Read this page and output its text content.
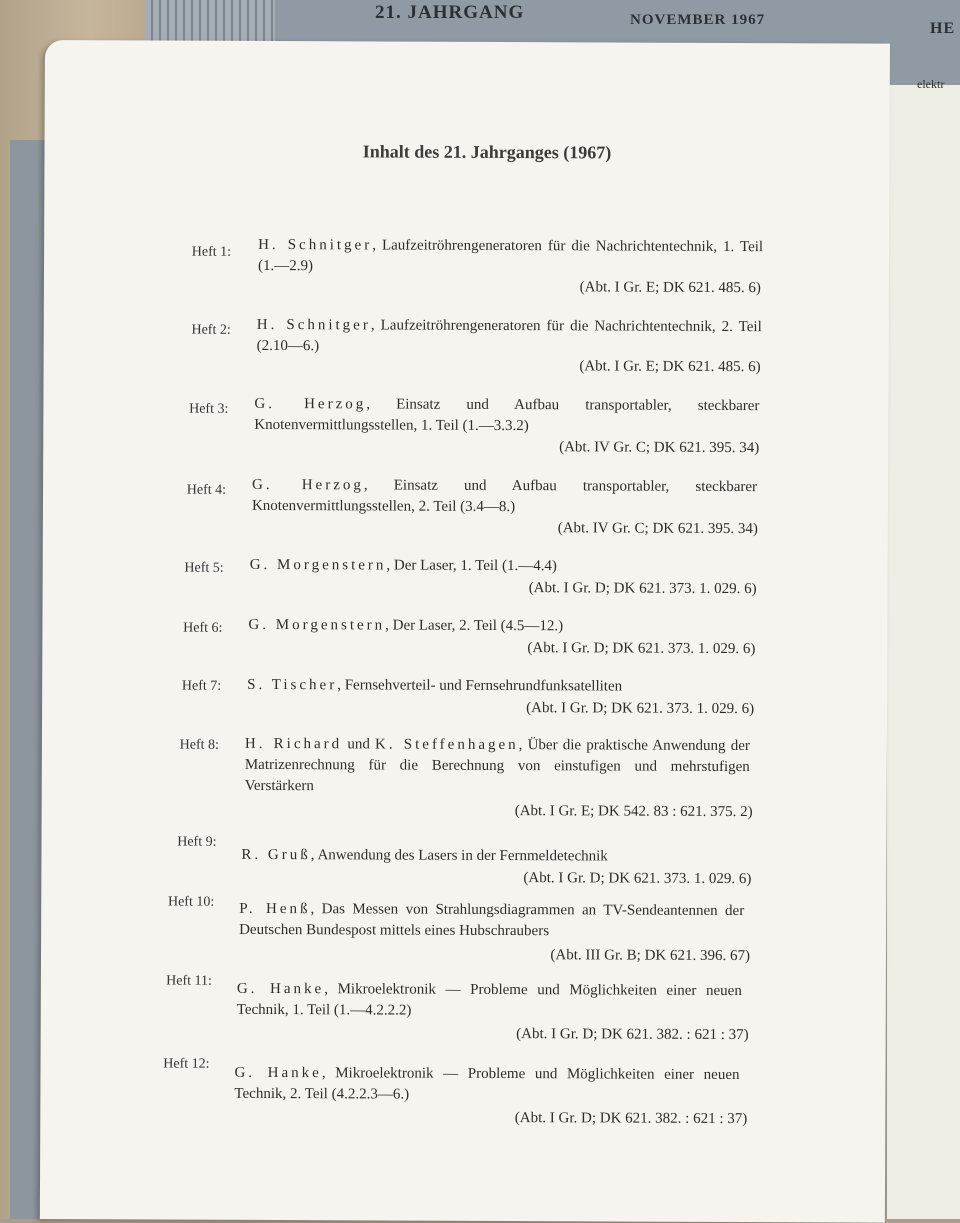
21. JAHRGANG	NOVEMBER 1967	HE
elektr
Inhalt des 21. Jahrganges (1967)
Heft 1: H. Schnitger, Laufzeitröhrengeneratoren für die Nachrichtentechnik, 1. Teil (1.—2.9)
(Abt. I Gr. E; DK 621. 485. 6)
Heft 2: H. Schnitger, Laufzeitröhrengeneratoren für die Nachrichtentechnik, 2. Teil (2.10—6.)
(Abt. I Gr. E; DK 621. 485. 6)
Heft 3: G. Herzog, Einsatz und Aufbau transportabler, steckbarer Knotenvermittlungsstellen, 1. Teil (1.—3.3.2)
(Abt. IV Gr. C; DK 621. 395. 34)
Heft 4: G. Herzog, Einsatz und Aufbau transportabler, steckbarer Knotenvermittlungsstellen, 2. Teil (3.4—8.)
(Abt. IV Gr. C; DK 621. 395. 34)
Heft 5: G. Morgenstern, Der Laser, 1. Teil (1.—4.4)
(Abt. I Gr. D; DK 621. 373. 1. 029. 6)
Heft 6: G. Morgenstern, Der Laser, 2. Teil (4.5—12.)
(Abt. I Gr. D; DK 621. 373. 1. 029. 6)
Heft 7: S. Tischer, Fernsehverteil- und Fernsehrundfunksatelliten
(Abt. I Gr. D; DK 621. 373. 1. 029. 6)
Heft 8: H. Richard und K. Steffenhagen, Über die praktische Anwendung der Matrizenrechnung für die Berechnung von einstufigen und mehrstufigen Verstärkern
(Abt. I Gr. E; DK 542. 83 : 621. 375. 2)
Heft 9:
R. Gruß, Anwendung des Lasers in der Fernmeldetechnik
(Abt. I Gr. D; DK 621. 373. 1. 029. 6)
Heft 10: P. Henß, Das Messen von Strahlungsdiagrammen an TV-Sendeantennen der Deutschen Bundespost mittels eines Hubschraubers
(Abt. III Gr. B; DK 621. 396. 67)
Heft 11: G. Hanke, Mikroelektronik — Probleme und Möglichkeiten einer neuen Technik, 1. Teil (1.—4.2.2.2)
(Abt. I Gr. D; DK 621. 382. : 621 : 37)
Heft 12:
G. Hanke, Mikroelektronik — Probleme und Möglichkeiten einer neuen Technik, 2. Teil (4.2.2.3—6.)
(Abt. I Gr. D; DK 621. 382. : 621 : 37)
